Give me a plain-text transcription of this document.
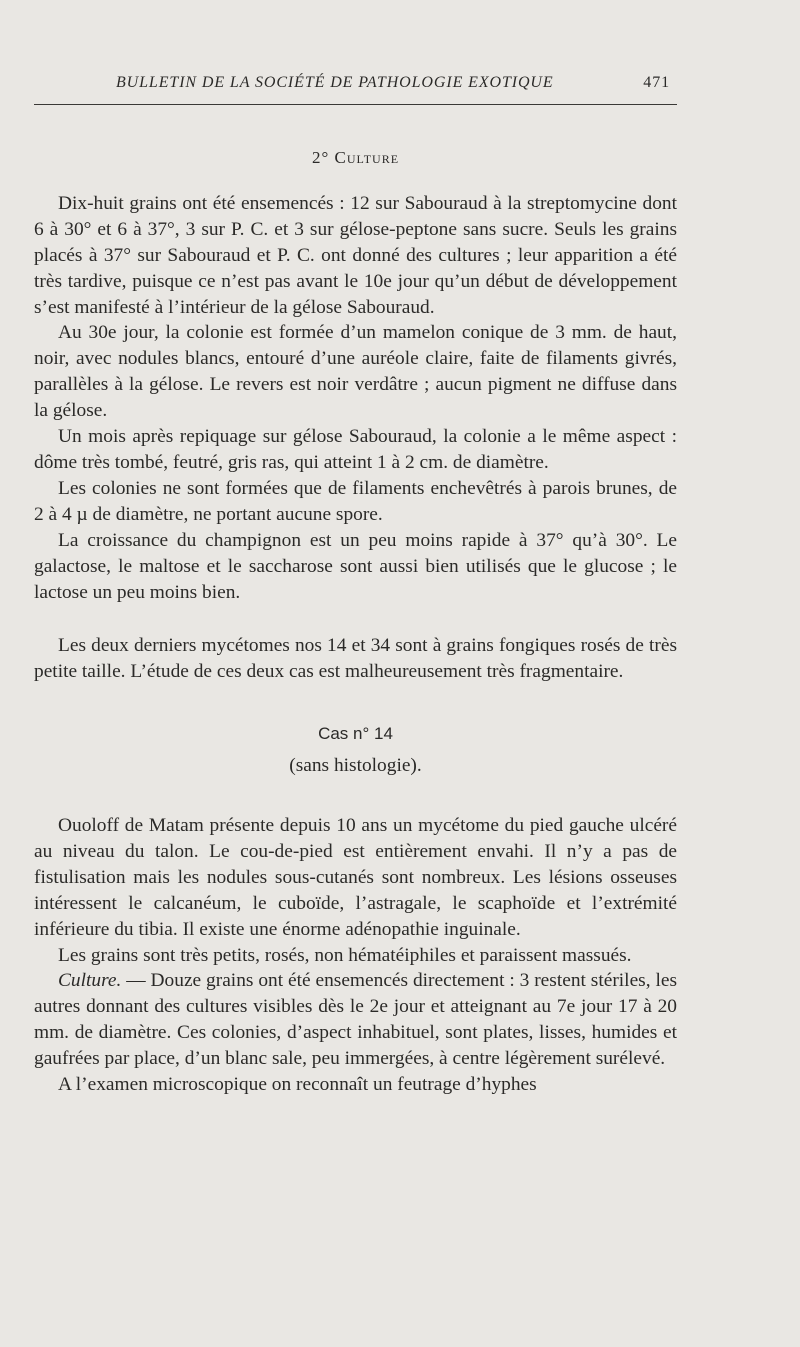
BULLETIN DE LA SOCIÉTÉ DE PATHOLOGIE EXOTIQUE	471

2° Culture

Dix-huit grains ont été ensemencés : 12 sur Sabouraud à la streptomycine dont 6 à 30° et 6 à 37°, 3 sur P. C. et 3 sur gélose-peptone sans sucre. Seuls les grains placés à 37° sur Sabouraud et P. C. ont donné des cultures ; leur apparition a été très tardive, puisque ce n’est pas avant le 10e jour qu’un début de développement s’est manifesté à l’intérieur de la gélose Sabouraud.

Au 30e jour, la colonie est formée d’un mamelon conique de 3 mm. de haut, noir, avec nodules blancs, entouré d’une auréole claire, faite de filaments givrés, parallèles à la gélose. Le revers est noir verdâtre ; aucun pigment ne diffuse dans la gélose.

Un mois après repiquage sur gélose Sabouraud, la colonie a le même aspect : dôme très tombé, feutré, gris ras, qui atteint 1 à 2 cm. de diamètre.

Les colonies ne sont formées que de filaments enchevêtrés à parois brunes, de 2 à 4 µ de diamètre, ne portant aucune spore.

La croissance du champignon est un peu moins rapide à 37° qu’à 30°. Le galactose, le maltose et le saccharose sont aussi bien utilisés que le glucose ; le lactose un peu moins bien.

Les deux derniers mycétomes nos 14 et 34 sont à grains fongiques rosés de très petite taille. L’étude de ces deux cas est malheureusement très fragmentaire.

Cas n° 14

(sans histologie).

Ouoloff de Matam présente depuis 10 ans un mycétome du pied gauche ulcéré au niveau du talon. Le cou-de-pied est entièrement envahi. Il n’y a pas de fistulisation mais les nodules sous-cutanés sont nombreux. Les lésions osseuses intéressent le calcanéum, le cuboïde, l’astragale, le scaphoïde et l’extrémité inférieure du tibia. Il existe une énorme adénopathie inguinale.

Les grains sont très petits, rosés, non hématéiphiles et paraissent massués.

Culture. — Douze grains ont été ensemencés directement : 3 restent stériles, les autres donnant des cultures visibles dès le 2e jour et atteignant au 7e jour 17 à 20 mm. de diamètre. Ces colonies, d’aspect inhabituel, sont plates, lisses, humides et gaufrées par place, d’un blanc sale, peu immergées, à centre légèrement surélevé.

A l’examen microscopique on reconnaît un feutrage d’hyphes
